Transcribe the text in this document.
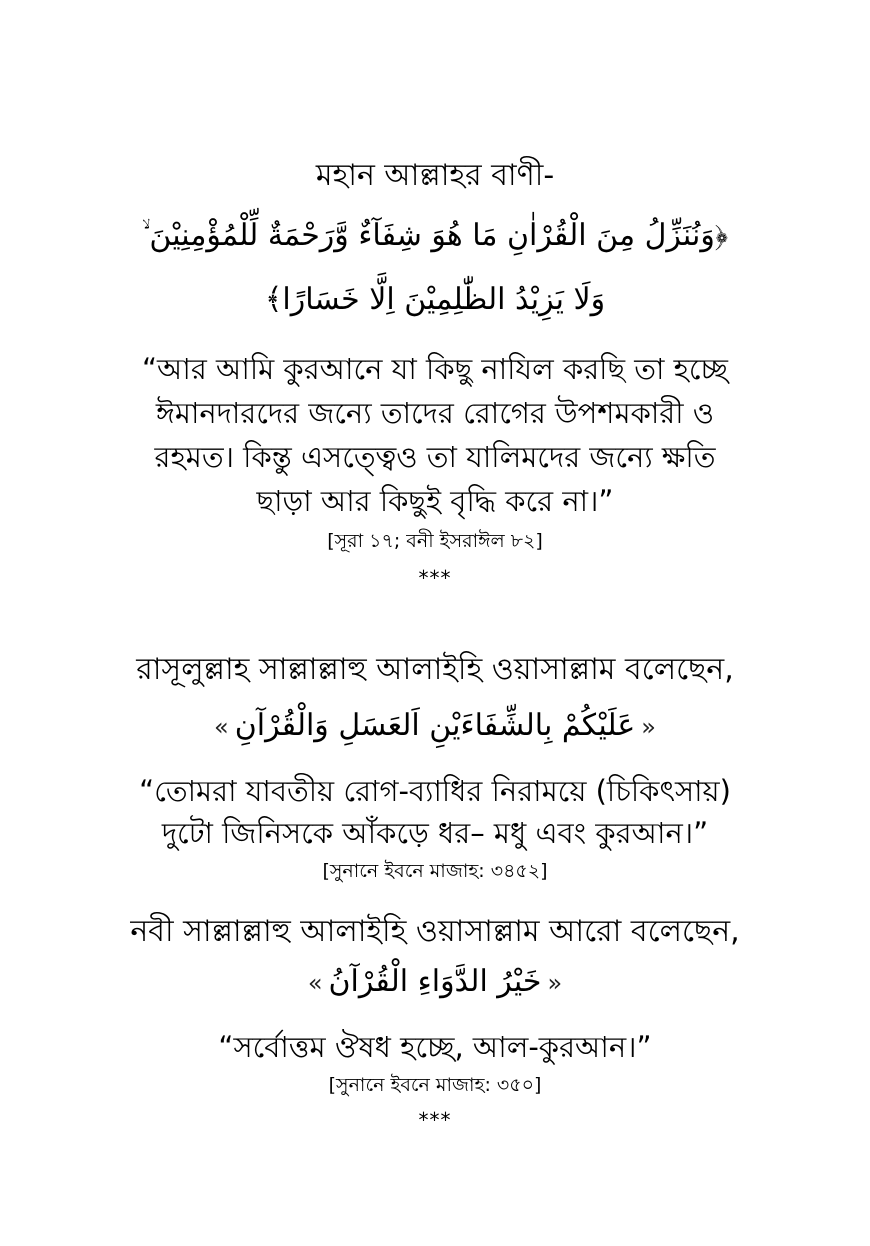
মহান আল্লাহর বাণী-
﴿وَنُنَزِّلُ مِنَ الْقُرْاٰنِ مَا هُوَ شِفَآءٌ وَّرَحْمَةٌ لِّلْمُؤْمِنِيْنَ ۙ
وَلَا يَزِيْدُ الظّٰلِمِيْنَ اِلَّا خَسَارًا﴾
“আর আমি কুরআনে যা কিছু নাযিল করছি তা হচ্ছে
ঈমানদারদের জন্যে তাদের রোগের উপশমকারী ও
রহমত। কিন্তু এসত্ত্বেও তা যালিমদের জন্যে ক্ষতি
ছাড়া আর কিছুই বৃদ্ধি করে না।”
[সূরা ১৭; বনী ইসরাঈল ৮২]
***
রাসূলুল্লাহ সাল্লাল্লাহু আলাইহি ওয়াসাল্লাম বলেছেন,
« عَلَيْكُمْ بِالشِّفَاءَيْنِ اَلعَسَلِ وَالْقُرْآنِ »
“তোমরা যাবতীয় রোগ-ব্যাধির নিরাময়ে (চিকিৎসায়)
দুটো জিনিসকে আঁকড়ে ধর– মধু এবং কুরআন।”
[সুনানে ইবনে মাজাহ: ৩৪৫২]
নবী সাল্লাল্লাহু আলাইহি ওয়াসাল্লাম আরো বলেছেন,
« خَيْرُ الدَّوَاءِ الْقُرْآنُ »
“সর্বোত্তম ঔষধ হচ্ছে, আল-কুরআন।”
[সুনানে ইবনে মাজাহ: ৩৫০]
***
